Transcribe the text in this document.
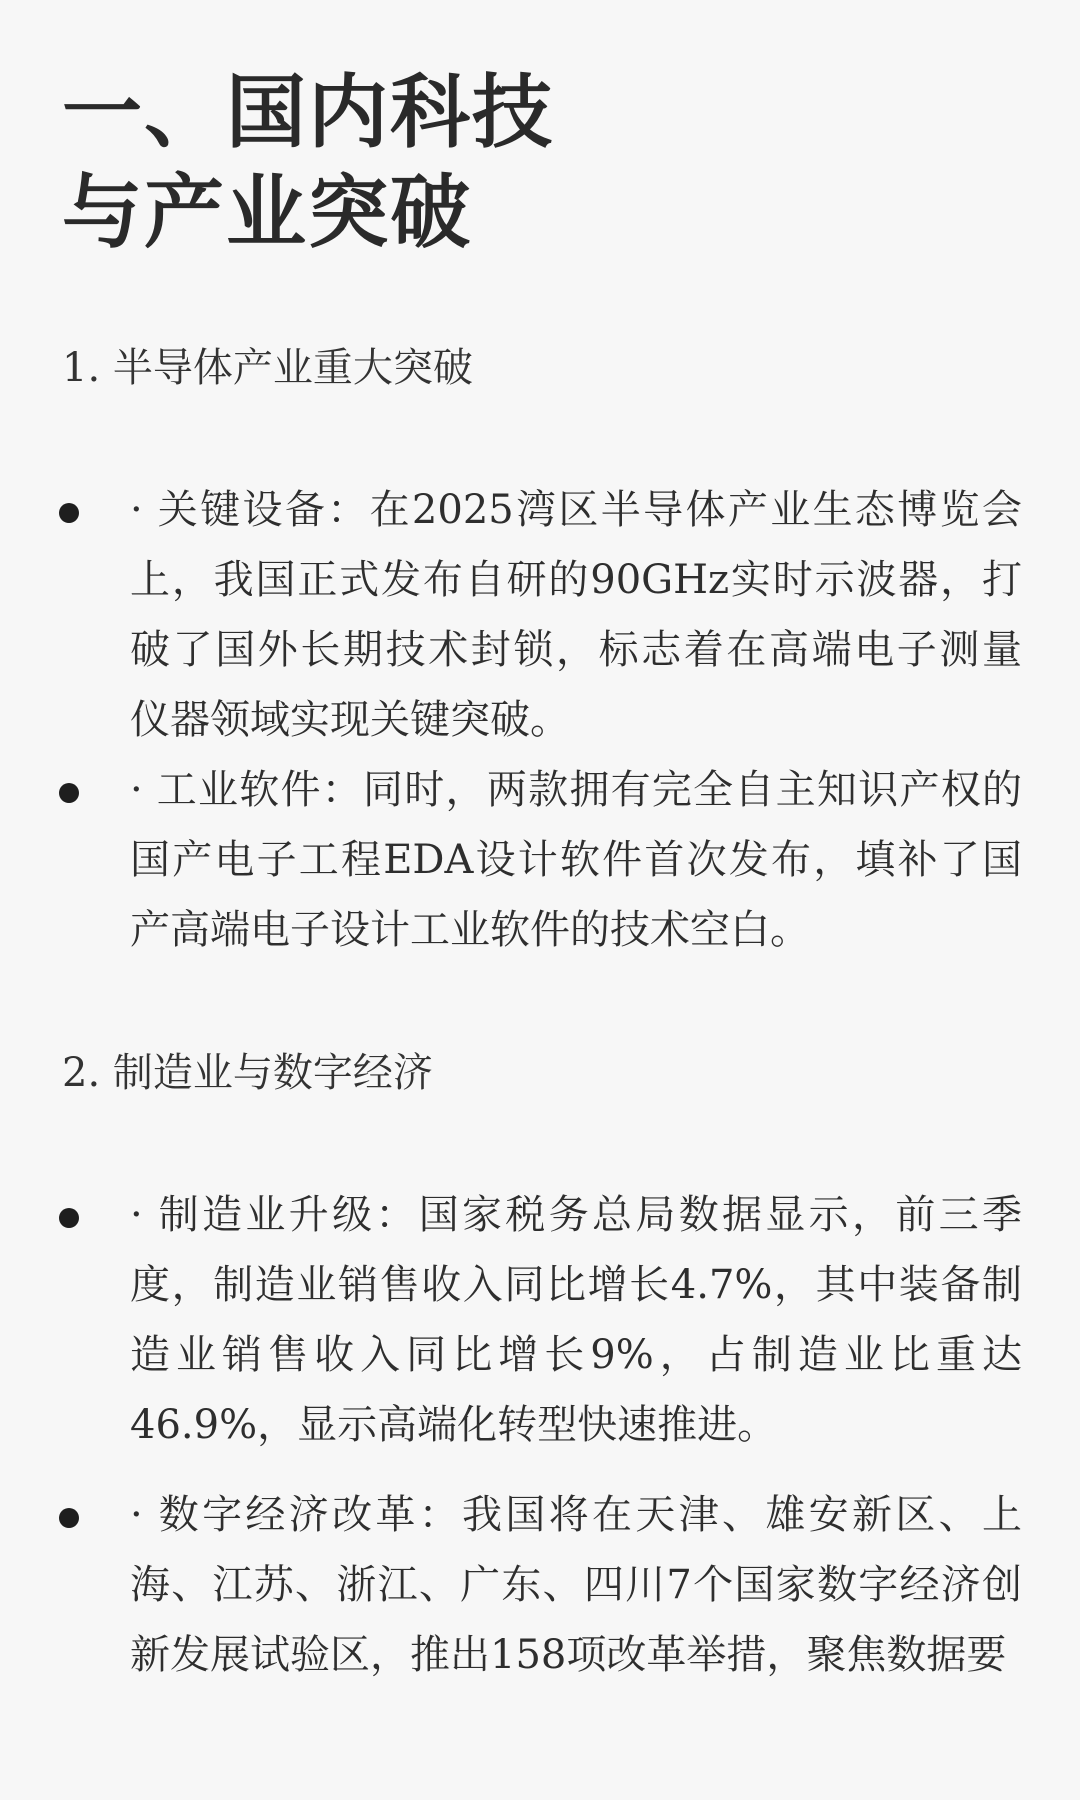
一、国内科技
与产业突破
1. 半导体产业重大突破

· 关键设备：在2025湾区半导体产业生态博览会
上，我国正式发布自研的90GHz实时示波器，打
破了国外长期技术封锁，标志着在高端电子测量
仪器领域实现关键突破。

· 工业软件：同时，两款拥有完全自主知识产权的
国产电子工程EDA设计软件首次发布，填补了国
产高端电子设计工业软件的技术空白。

2. 制造业与数字经济

· 制造业升级：国家税务总局数据显示，前三季
度，制造业销售收入同比增长4.7%，其中装备制
造业销售收入同比增长9%，占制造业比重达
46.9%，显示高端化转型快速推进。

· 数字经济改革：我国将在天津、雄安新区、上
海、江苏、浙江、广东、四川7个国家数字经济创
新发展试验区，推出158项改革举措，聚焦数据要
